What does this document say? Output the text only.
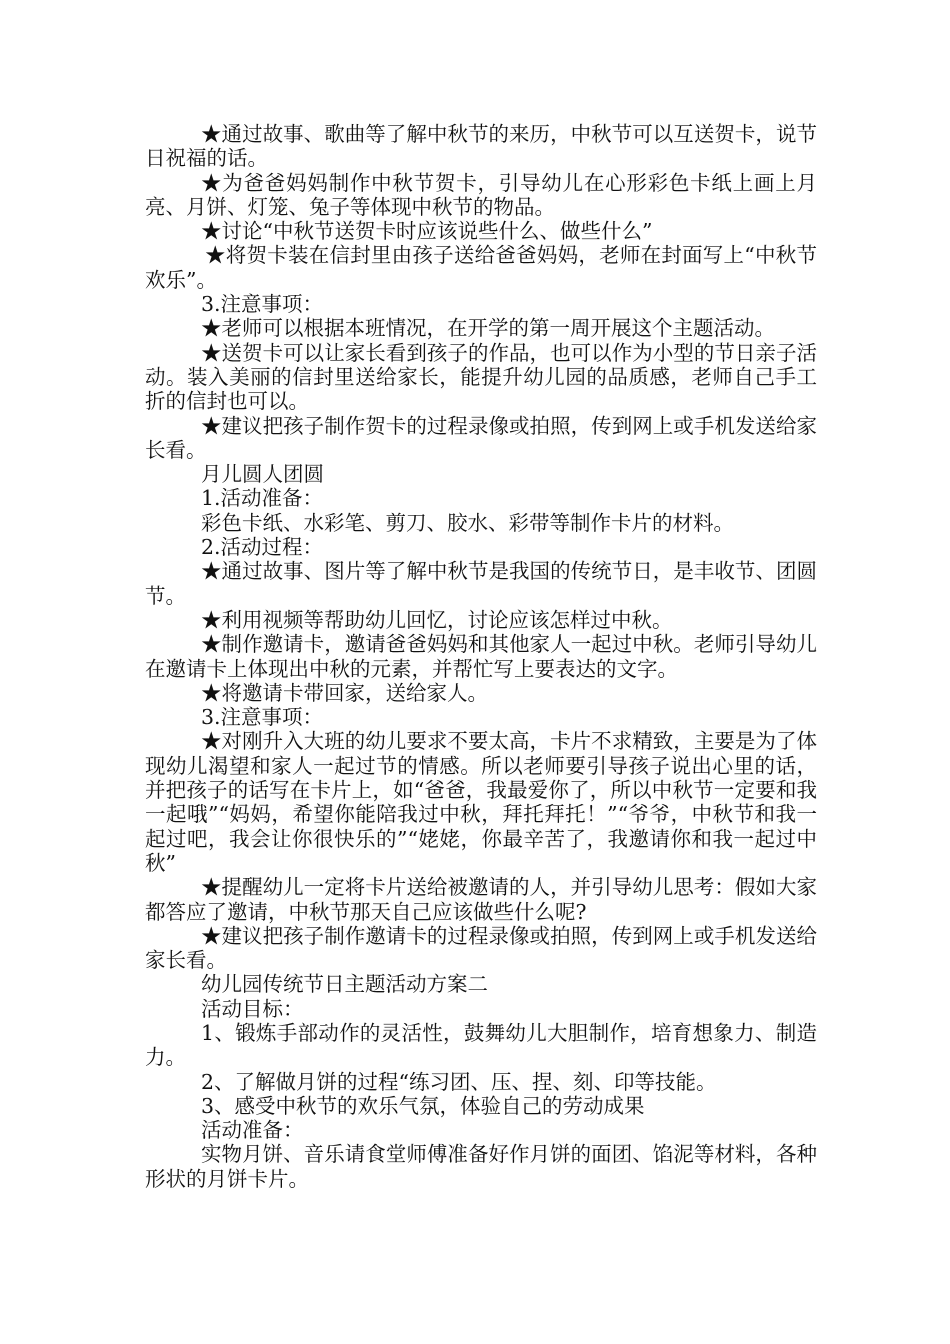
★通过故事、歌曲等了解中秋节的来历，中秋节可以互送贺卡，说节日祝福的话。

★为爸爸妈妈制作中秋节贺卡，引导幼儿在心形彩色卡纸上画上月亮、月饼、灯笼、兔子等体现中秋节的物品。

★讨论“中秋节送贺卡时应该说些什么、做些什么”

★将贺卡装在信封里由孩子送给爸爸妈妈，老师在封面写上“中秋节欢乐”。

3.注意事项：

★老师可以根据本班情况，在开学的第一周开展这个主题活动。

★送贺卡可以让家长看到孩子的作品，也可以作为小型的节日亲子活动。装入美丽的信封里送给家长，能提升幼儿园的品质感，老师自己手工折的信封也可以。

★建议把孩子制作贺卡的过程录像或拍照，传到网上或手机发送给家长看。

月儿圆人团圆

1.活动准备：

彩色卡纸、水彩笔、剪刀、胶水、彩带等制作卡片的材料。

2.活动过程：

★通过故事、图片等了解中秋节是我国的传统节日，是丰收节、团圆节。

★利用视频等帮助幼儿回忆，讨论应该怎样过中秋。

★制作邀请卡，邀请爸爸妈妈和其他家人一起过中秋。老师引导幼儿在邀请卡上体现出中秋的元素，并帮忙写上要表达的文字。

★将邀请卡带回家，送给家人。

3.注意事项：

★对刚升入大班的幼儿要求不要太高，卡片不求精致，主要是为了体现幼儿渴望和家人一起过节的情感。所以老师要引导孩子说出心里的话，并把孩子的话写在卡片上，如“爸爸，我最爱你了，所以中秋节一定要和我一起哦”“妈妈，希望你能陪我过中秋，拜托拜托！”“爷爷，中秋节和我一起过吧，我会让你很快乐的”“姥姥，你最辛苦了，我邀请你和我一起过中秋”

★提醒幼儿一定将卡片送给被邀请的人，并引导幼儿思考：假如大家都答应了邀请，中秋节那天自己应该做些什么呢?

★建议把孩子制作邀请卡的过程录像或拍照，传到网上或手机发送给家长看。

幼儿园传统节日主题活动方案二

活动目标：

1、锻炼手部动作的灵活性，鼓舞幼儿大胆制作，培育想象力、制造力。

2、了解做月饼的过程“练习团、压、捏、刻、印等技能。

3、感受中秋节的欢乐气氛，体验自己的劳动成果

活动准备：

实物月饼、音乐请食堂师傅准备好作月饼的面团、馅泥等材料，各种形状的月饼卡片。
